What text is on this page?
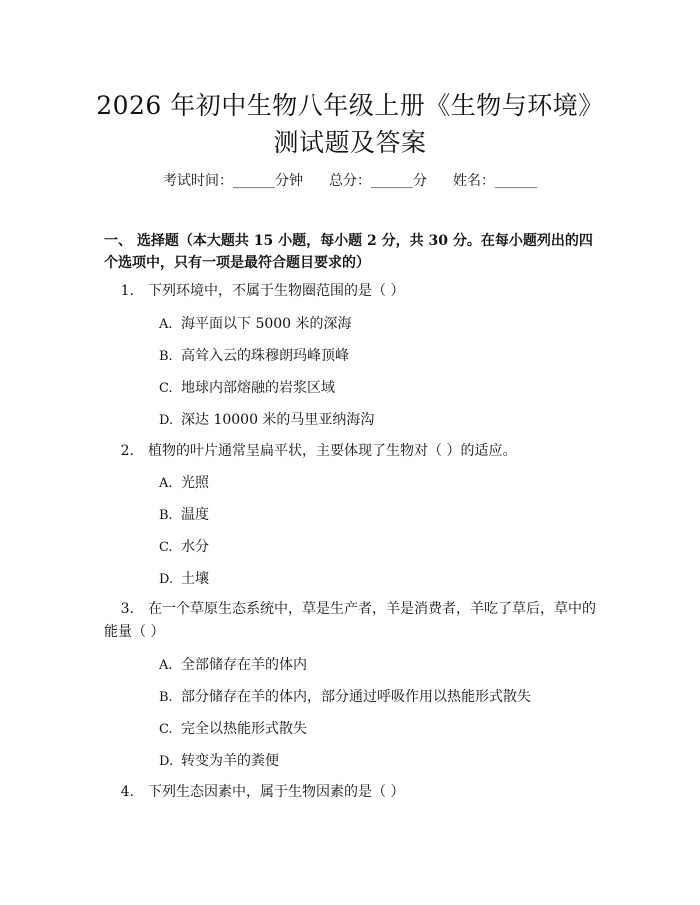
2026 年初中生物八年级上册《生物与环境》
测试题及答案
考试时间：______分钟 总分：______分 姓名：______
一、 选择题（本大题共 15 小题，每小题 2 分，共 30 分。在每小题列出的四个选项中，只有一项是最符合题目要求的）
1. 下列环境中，不属于生物圈范围的是（ ）
A. 海平面以下 5000 米的深海
B. 高耸入云的珠穆朗玛峰顶峰
C. 地球内部熔融的岩浆区域
D. 深达 10000 米的马里亚纳海沟
2. 植物的叶片通常呈扁平状，主要体现了生物对（ ）的适应。
A. 光照
B. 温度
C. 水分
D. 土壤
3. 在一个草原生态系统中，草是生产者，羊是消费者，羊吃了草后，草中的能量（ ）
A. 全部储存在羊的体内
B. 部分储存在羊的体内，部分通过呼吸作用以热能形式散失
C. 完全以热能形式散失
D. 转变为羊的粪便
4. 下列生态因素中，属于生物因素的是（ ）
